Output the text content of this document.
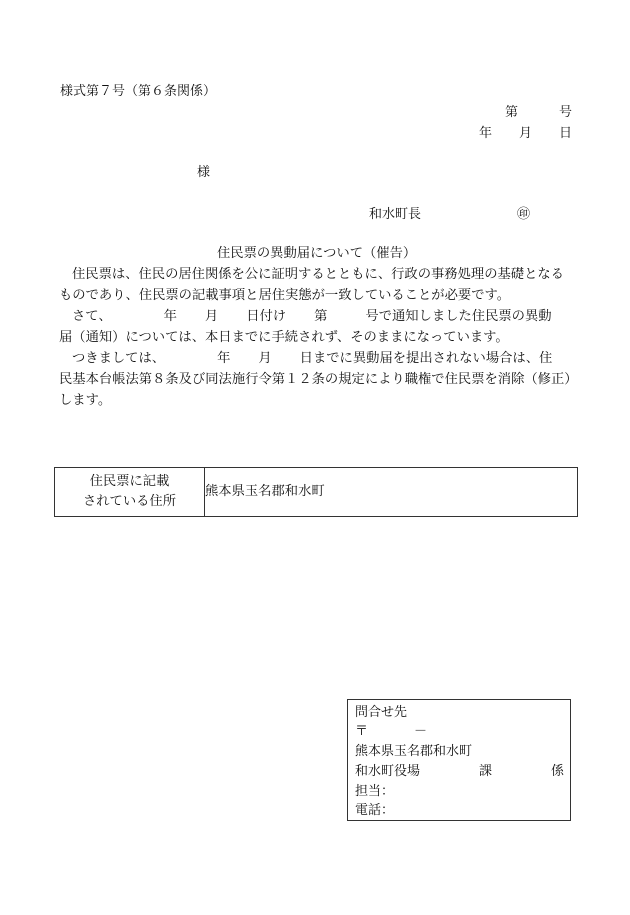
様式第７号（第６条関係）
第	号
年 月 日
様
和水町長	㊞
住民票の異動届について（催告）

住民票は、住民の居住関係を公に証明するとともに、行政の事務処理の基礎となる

ものであり、住民票の記載事項と居住実態が一致していることが必要です。

さて、	年 月 日付け 第	号で通知しました住民票の異動

届（通知）については、本日までに手続されず、そのままになっています。

つきましては、	年 月 日までに異動届を提出されない場合は、住

民基本台帳法第８条及び同法施行令第１２条の規定により職権で住民票を消除（修正）

します。

住民票に記載
されている住所
	熊本県玉名郡和水町
問合せ先
〒	－
熊本県玉名郡和水町
和水町役場	課	係
担当：
電話：
